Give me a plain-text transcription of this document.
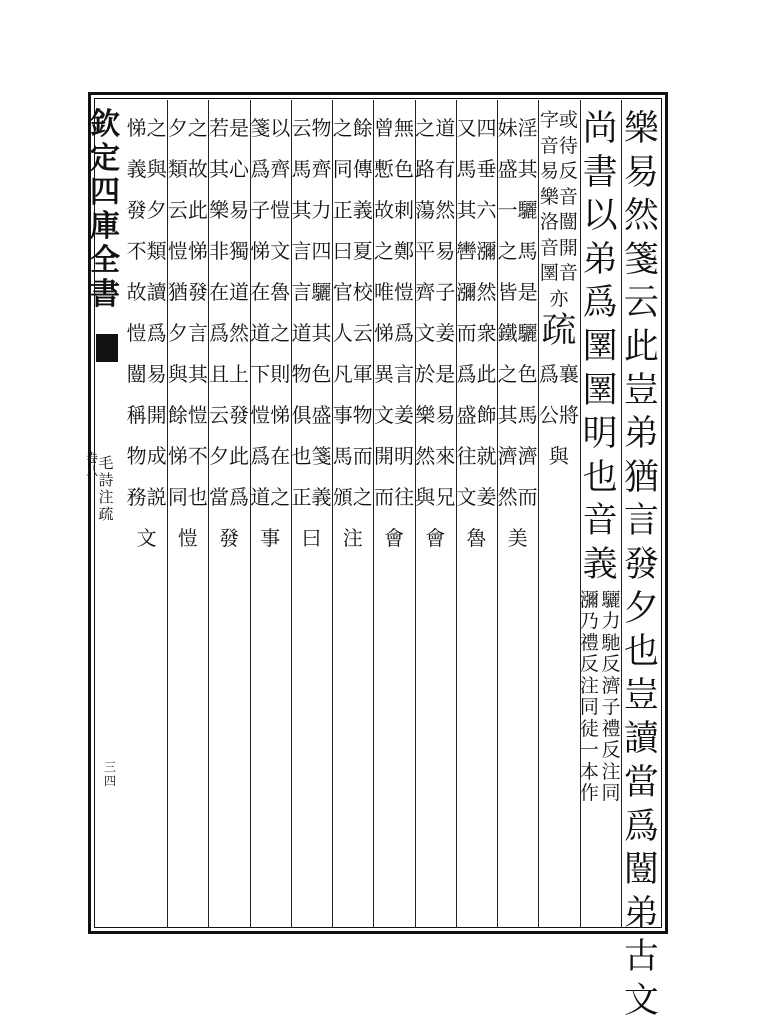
欽定四庫全書
卷八 毛詩注疏
三四
樂易然箋云此豈弟猶言發夕也豈讀當爲闓弟古文
尚書以弟爲圛圛明也音義
瀰乃禮反注同徒一本作
驪力馳反濟子禮反注同
字或音待易反樂音洛闓音開圛音亦
疏
爲襄公將與
妹淫盛其一驪之馬皆是鐵驪之色其馬濟濟然而美
又四馬垂其六轡瀰瀰然而衆爲此盛飾往就文姜魯
之道路有蕩然平易齊子文姜於是樂易然來與兄會
曾無慙色故刺之鄭唯愷悌爲異言文姜開明而往會
之餘同傳正義曰夏官校人云凡軍事物馬而頒之注
云物馬齊其力言四言驪道其物色俱盛也箋正義曰
箋以爲齊子愷悌文在魯道之下則愷悌爲在道之事
若是其心樂易非獨在道爲然且上云發夕此當爲發
夕之類故云此愷悌猶發夕言與其餘愷悌不同也愷
悌之義與發夕不類故讀愷爲闓易稱開物成務説文
